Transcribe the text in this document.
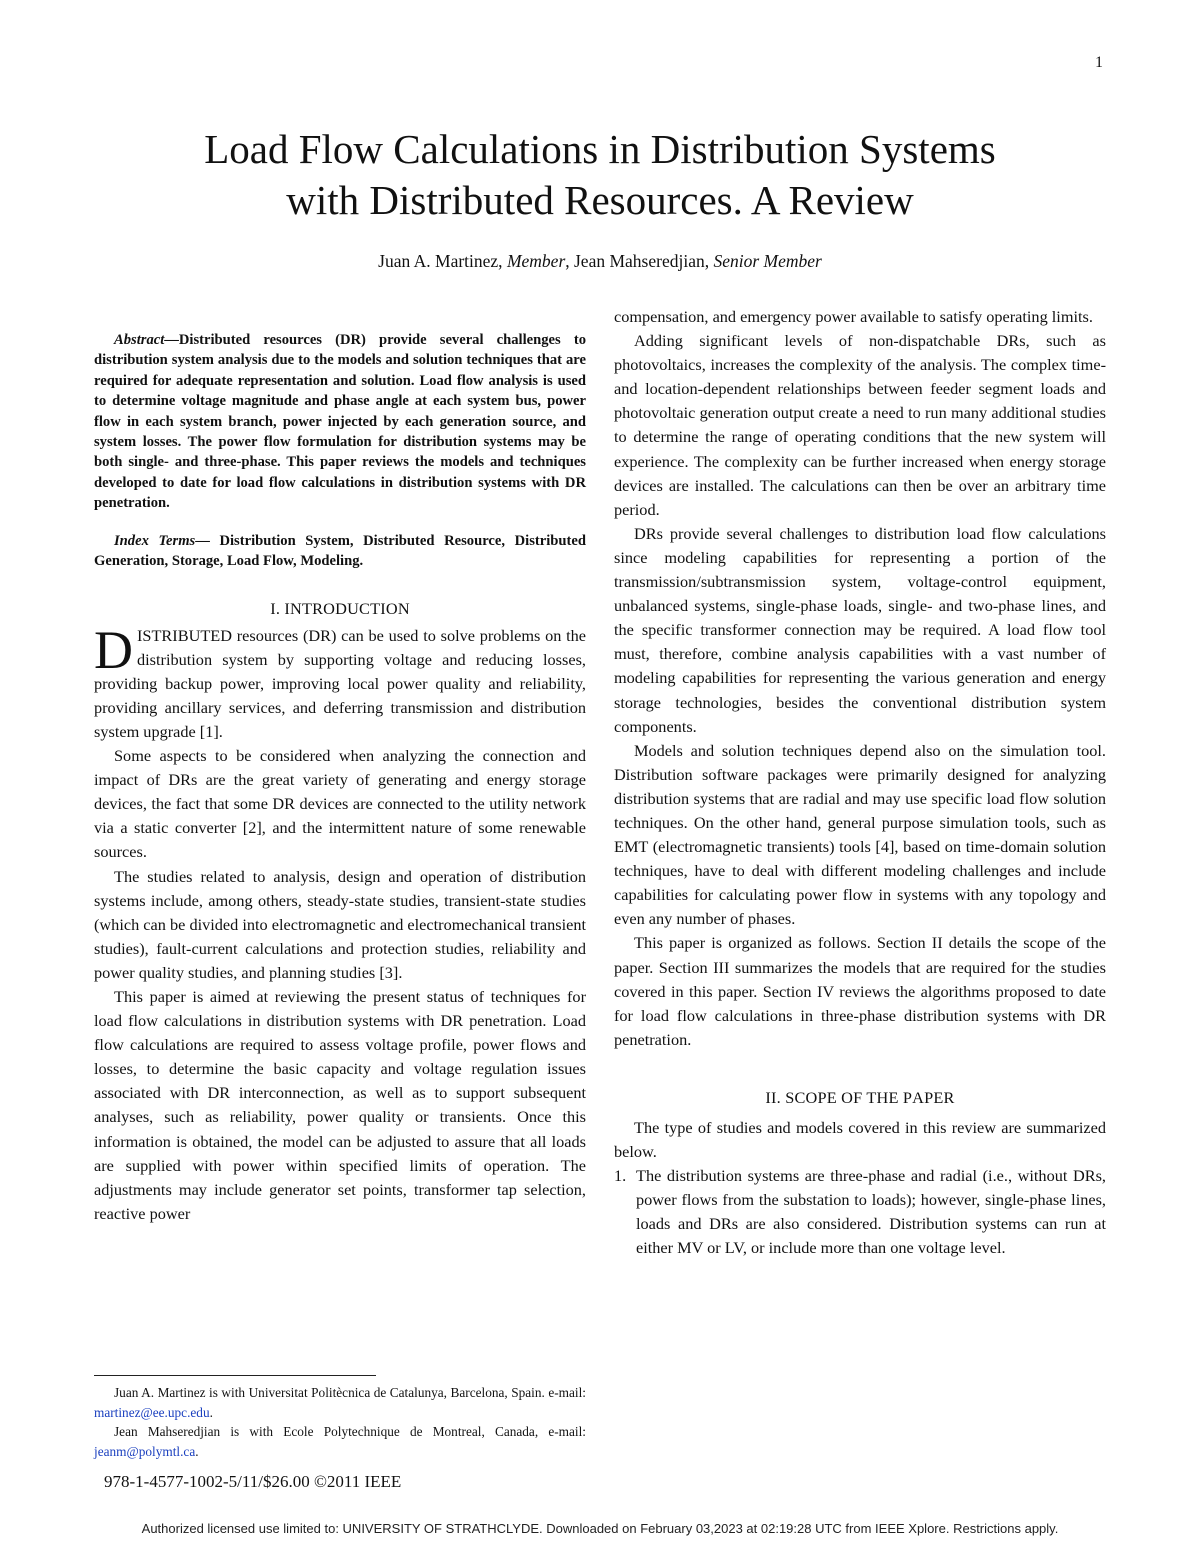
1
Load Flow Calculations in Distribution Systems
with Distributed Resources. A Review
Juan A. Martinez, Member, Jean Mahseredjian, Senior Member

Abstract—Distributed resources (DR) provide several challenges to distribution system analysis due to the models and solution techniques that are required for adequate representation and solution. Load flow analysis is used to determine voltage magnitude and phase angle at each system bus, power flow in each system branch, power injected by each generation source, and system losses. The power flow formulation for distribution systems may be both single- and three-phase. This paper reviews the models and techniques developed to date for load flow calculations in distribution systems with DR penetration.

Index Terms— Distribution System, Distributed Resource, Distributed Generation, Storage, Load Flow, Modeling.

I. INTRODUCTION

DISTRIBUTED resources (DR) can be used to solve problems on the distribution system by supporting voltage and reducing losses, providing backup power, improving local power quality and reliability, providing ancillary services, and deferring transmission and distribution system upgrade [1].

Some aspects to be considered when analyzing the connection and impact of DRs are the great variety of generating and energy storage devices, the fact that some DR devices are connected to the utility network via a static converter [2], and the intermittent nature of some renewable sources.

The studies related to analysis, design and operation of distribution systems include, among others, steady-state studies, transient-state studies (which can be divided into electromagnetic and electromechanical transient studies), fault-current calculations and protection studies, reliability and power quality studies, and planning studies [3].

This paper is aimed at reviewing the present status of techniques for load flow calculations in distribution systems with DR penetration. Load flow calculations are required to assess voltage profile, power flows and losses, to determine the basic capacity and voltage regulation issues associated with DR interconnection, as well as to support subsequent analyses, such as reliability, power quality or transients. Once this information is obtained, the model can be adjusted to assure that all loads are supplied with power within specified limits of operation. The adjustments may include generator set points, transformer tap selection, reactive power

compensation, and emergency power available to satisfy operating limits.

Adding significant levels of non-dispatchable DRs, such as photovoltaics, increases the complexity of the analysis. The complex time- and location-dependent relationships between feeder segment loads and photovoltaic generation output create a need to run many additional studies to determine the range of operating conditions that the new system will experience. The complexity can be further increased when energy storage devices are installed. The calculations can then be over an arbitrary time period.

DRs provide several challenges to distribution load flow calculations since modeling capabilities for representing a portion of the transmission/subtransmission system, voltage-control equipment, unbalanced systems, single-phase loads, single- and two-phase lines, and the specific transformer connection may be required. A load flow tool must, therefore, combine analysis capabilities with a vast number of modeling capabilities for representing the various generation and energy storage technologies, besides the conventional distribution system components.

Models and solution techniques depend also on the simulation tool. Distribution software packages were primarily designed for analyzing distribution systems that are radial and may use specific load flow solution techniques. On the other hand, general purpose simulation tools, such as EMT (electromagnetic transients) tools [4], based on time-domain solution techniques, have to deal with different modeling challenges and include capabilities for calculating power flow in systems with any topology and even any number of phases.

This paper is organized as follows. Section II details the scope of the paper. Section III summarizes the models that are required for the studies covered in this paper. Section IV reviews the algorithms proposed to date for load flow calculations in three-phase distribution systems with DR penetration.

II. SCOPE OF THE PAPER

The type of studies and models covered in this review are summarized below.

1. The distribution systems are three-phase and radial (i.e., without DRs, power flows from the substation to loads); however, single-phase lines, loads and DRs are also considered. Distribution systems can run at either MV or LV, or include more than one voltage level.

Juan A. Martinez is with Universitat Politècnica de Catalunya, Barcelona, Spain. e-mail: martinez@ee.upc.edu.

Jean Mahseredjian is with Ecole Polytechnique de Montreal, Canada, e-mail: jeanm@polymtl.ca.

978-1-4577-1002-5/11/$26.00 ©2011 IEEE
Authorized licensed use limited to: UNIVERSITY OF STRATHCLYDE. Downloaded on February 03,2023 at 02:19:28 UTC from IEEE Xplore. Restrictions apply.
